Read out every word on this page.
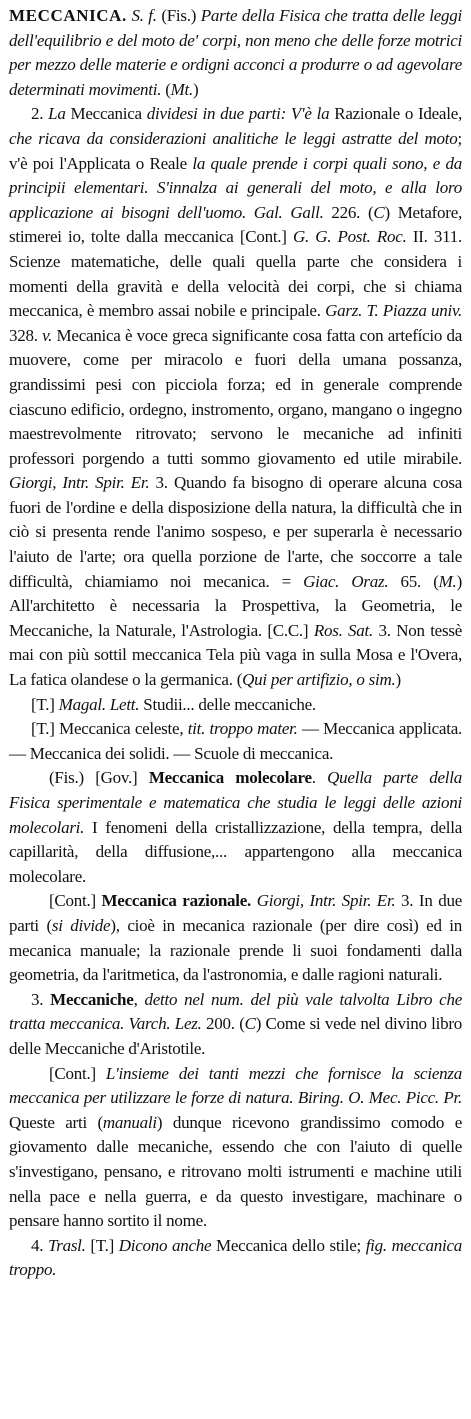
MECCANICA. S. f. (Fis.) Parte della Fisica che tratta delle leggi dell'equilibrio e del moto de' corpi, non meno che delle forze motrici per mezzo delle materie e ordigni acconci a produrre o ad agevolare determinati movimenti. (Mt.)

2. La Meccanica dividesi in due parti: V'è la Razionale o Ideale, che ricava da considerazioni analitiche le leggi astratte del moto; v'è poi l'Applicata o Reale la quale prende i corpi quali sono, e da principii elementari. S'innalza ai generali del moto, e alla loro applicazione ai bisogni dell'uomo. Gal. Gall. 226. (C) Metafore, stimerei io, tolte dalla meccanica [Cont.] G. G. Post. Roc. II. 311. Scienze matematiche, delle quali quella parte che considera i momenti della gravità e della velocità dei corpi, che si chiama meccanica, è membro assai nobile e principale. Garz. T. Piazza univ. 328. v. Mecanica è voce greca significante cosa fatta con artefício da muovere, come per miracolo e fuori della umana possanza, grandissimi pesi con picciola forza; ed in generale comprende ciascuno edificio, ordegno, instromento, organo, mangano o ingegno maestrevolmente ritrovato; servono le mecaniche ad infiniti professori porgendo a tutti sommo giovamento ed utile mirabile. Giorgi, Intr. Spir. Er. 3. Quando fa bisogno di operare alcuna cosa fuori de l'ordine e della disposizione della natura, la difficultà che in ciò si presenta rende l'animo sospeso, e per superarla è necessario l'aiuto de l'arte; ora quella porzione de l'arte, che soccorre a tale difficultà, chiamiamo noi mecanica. = Giac. Oraz. 65. (M.) All'architetto è necessaria la Prospettiva, la Geometria, le Meccaniche, la Naturale, l'Astrologia. [C.C.] Ros. Sat. 3. Non tessè mai con più sottil meccanica Tela più vaga in sulla Mosa e l'Overa, La fatica olandese o la germanica. (Qui per artifizio, o sim.)

[T.] Magal. Lett. Studii... delle meccaniche.

[T.] Meccanica celeste, tit. troppo mater. — Meccanica applicata. — Meccanica dei solidi. — Scuole di meccanica.

(Fis.) [Gov.] Meccanica molecolare. Quella parte della Fisica sperimentale e matematica che studia le leggi delle azioni molecolari. I fenomeni della cristallizzazione, della tempra, della capillarità, della diffusione,... appartengono alla meccanica molecolare.

[Cont.] Meccanica razionale. Giorgi, Intr. Spir. Er. 3. In due parti (si divide), cioè in mecanica razionale (per dire così) ed in mecanica manuale; la razionale prende li suoi fondamenti dalla geometria, da l'aritmetica, da l'astronomia, e dalle ragioni naturali.

3. Meccaniche, detto nel num. del più vale talvolta Libro che tratta meccanica. Varch. Lez. 200. (C) Come si vede nel divino libro delle Meccaniche d'Aristotile.

[Cont.] L'insieme dei tanti mezzi che fornisce la scienza meccanica per utilizzare le forze di natura. Biring. O. Mec. Picc. Pr. Queste arti (manuali) dunque ricevono grandissimo comodo e giovamento dalle mecaniche, essendo che con l'aiuto di quelle s'investigano, pensano, e ritrovano molti istrumenti e machine utili nella pace e nella guerra, e da questo investigare, machinare o pensare hanno sortito il nome.

4. Trasl. [T.] Dicono anche Meccanica dello stile; fig. meccanica troppo.
